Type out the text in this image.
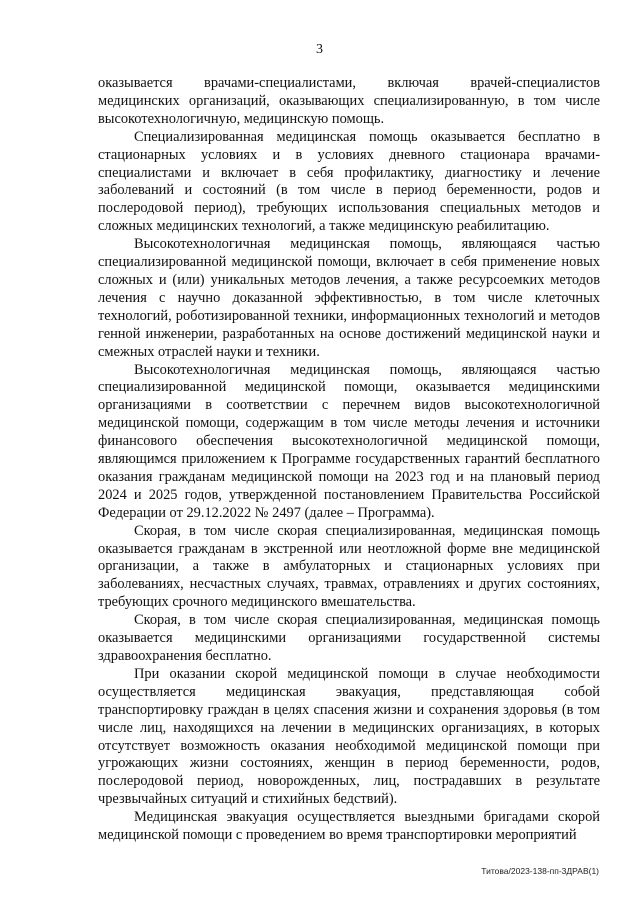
3

оказывается врачами-специалистами, включая врачей-специалистов медицинских организаций, оказывающих специализированную, в том числе высокотехнологичную, медицинскую помощь.

Специализированная медицинская помощь оказывается бесплатно в стационарных условиях и в условиях дневного стационара врачами-специалистами и включает в себя профилактику, диагностику и лечение заболеваний и состояний (в том числе в период беременности, родов и послеродовой период), требующих использования специальных методов и сложных медицинских технологий, а также медицинскую реабилитацию.

Высокотехнологичная медицинская помощь, являющаяся частью специализированной медицинской помощи, включает в себя применение новых сложных и (или) уникальных методов лечения, а также ресурсоемких методов лечения с научно доказанной эффективностью, в том числе клеточных технологий, роботизированной техники, информационных технологий и методов генной инженерии, разработанных на основе достижений медицинской науки и смежных отраслей науки и техники.

Высокотехнологичная медицинская помощь, являющаяся частью специализированной медицинской помощи, оказывается медицинскими организациями в соответствии с перечнем видов высокотехнологичной медицинской помощи, содержащим в том числе методы лечения и источники финансового обеспечения высокотехнологичной медицинской помощи, являющимся приложением к Программе государственных гарантий бесплатного оказания гражданам медицинской помощи на 2023 год и на плановый период 2024 и 2025 годов, утвержденной постановлением Правительства Российской Федерации от 29.12.2022 № 2497 (далее – Программа).

Скорая, в том числе скорая специализированная, медицинская помощь оказывается гражданам в экстренной или неотложной форме вне медицинской организации, а также в амбулаторных и стационарных условиях при заболеваниях, несчастных случаях, травмах, отравлениях и других состояниях, требующих срочного медицинского вмешательства.

Скорая, в том числе скорая специализированная, медицинская помощь оказывается медицинскими организациями государственной системы здравоохранения бесплатно.

При оказании скорой медицинской помощи в случае необходимости осуществляется медицинская эвакуация, представляющая собой транспортировку граждан в целях спасения жизни и сохранения здоровья (в том числе лиц, находящихся на лечении в медицинских организациях, в которых отсутствует возможность оказания необходимой медицинской помощи при угрожающих жизни состояниях, женщин в период беременности, родов, послеродовой период, новорожденных, лиц, пострадавших в результате чрезвычайных ситуаций и стихийных бедствий).

Медицинская эвакуация осуществляется выездными бригадами скорой медицинской помощи с проведением во время транспортировки мероприятий

Титова/2023-138-пп-3ДРАВ(1)
